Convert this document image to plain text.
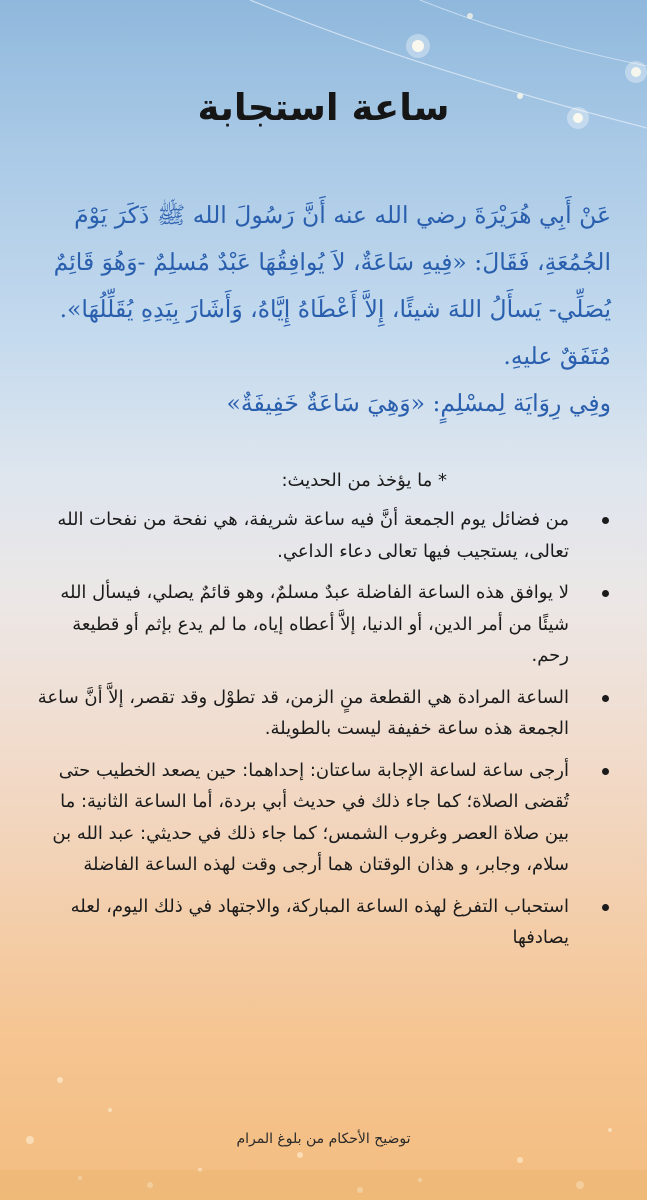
ساعة استجابة

عَنْ أَبِي هُرَيْرَةَ رضي الله عنه أَنَّ رَسُولَ الله ﷺ ذَكَرَ يَوْمَ الجُمُعَةِ، فَقَالَ: «فِيهِ سَاعَةٌ، لاَ يُوافِقُهَا عَبْدٌ مُسلِمٌ -وَهُوَ قَائِمٌ يُصَلِّي- يَسأَلُ اللهَ شيئًا، إِلاَّ أَعْطَاهُ إِيَّاهُ، وَأَشَارَ بِيَدِهِ يُقَلِّلُهَا». مُتَفَقٌ عليهِ.

وفِي رِوَايَة لِمسْلِمٍ: «وَهِيَ سَاعَةٌ خَفِيفَةٌ»

* ما يؤخذ من الحديث:
من فضائل يوم الجمعة أنَّ فيه ساعة شريفة، هي نفحة من نفحات الله تعالى، يستجيب فيها تعالى دعاء الداعي.
لا يوافق هذه الساعة الفاضلة عبدٌ مسلمٌ، وهو قائمٌ يصلي، فيسأل الله شيئًا من أمر الدين، أو الدنيا، إلاَّ أعطاه إياه، ما لم يدع بإثم أو قطيعة رحم.
الساعة المرادة هي القطعة منٍ الزمن، قد تطوْل وقد تقصر، إلاَّ أنَّ ساعة الجمعة هذه ساعة خفيفة ليست بالطويلة.
أرجى ساعة لساعة الإجابة ساعتان: إحداهما: حين يصعد الخطيب حتى تُقضى الصلاة؛ كما جاء ذلك في حديث أبي بردة، أما الساعة الثانية: ما بين صلاة العصر وغروب الشمس؛ كما جاء ذلك في حديثي: عبد الله بن سلام، وجابر، و هذان الوقتان هما أرجى وقت لهذه الساعة الفاضلة
استحباب التفرغ لهذه الساعة المباركة، والاجتهاد في ذلك اليوم، لعله يصادفها
توضيح الأحكام من بلوغ المرام
